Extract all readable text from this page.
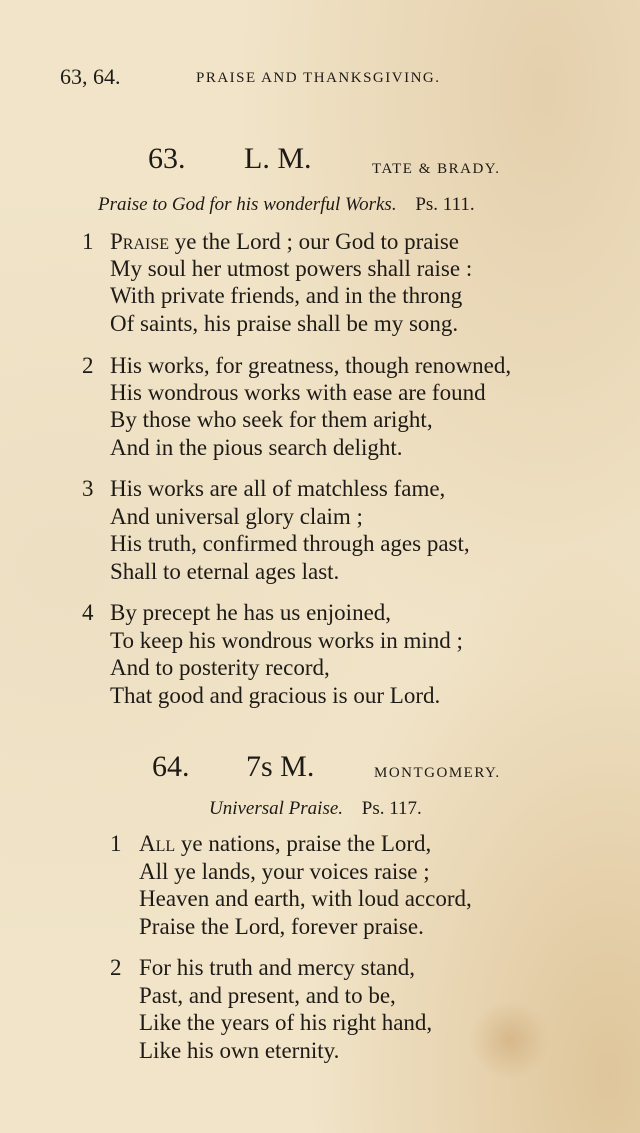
63, 64.	PRAISE AND THANKSGIVING.
63. L. M.	TATE & BRADY.
Praise to God for his wonderful Works. Ps. 111.
1 Praise ye the Lord ; our God to praise
My soul her utmost powers shall raise :
With private friends, and in the throng
Of saints, his praise shall be my song.
2 His works, for greatness, though renowned,
His wondrous works with ease are found
By those who seek for them aright,
And in the pious search delight.
3 His works are all of matchless fame,
And universal glory claim ;
His truth, confirmed through ages past,
Shall to eternal ages last.
4 By precept he has us enjoined,
To keep his wondrous works in mind ;
And to posterity record,
That good and gracious is our Lord.
64. 7s M.	MONTGOMERY.
Universal Praise. Ps. 117.
1 All ye nations, praise the Lord,
All ye lands, your voices raise ;
Heaven and earth, with loud accord,
Praise the Lord, forever praise.
2 For his truth and mercy stand,
Past, and present, and to be,
Like the years of his right hand,
Like his own eternity.
